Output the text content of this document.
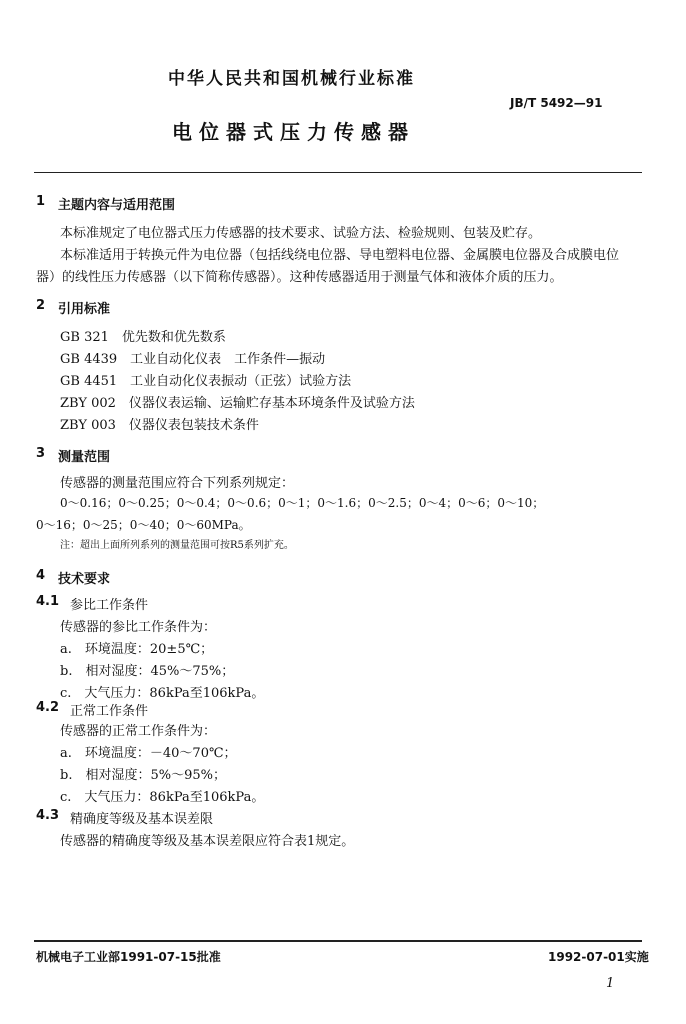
中华人民共和国机械行业标准
JB/T 5492—91
电位器式压力传感器
1 主题内容与适用范围
本标准规定了电位器式压力传感器的技术要求、试验方法、检验规则、包装及贮存。
本标准适用于转换元件为电位器（包括线绕电位器、导电塑料电位器、金属膜电位器及合成膜电位
器）的线性压力传感器（以下简称传感器）。这种传感器适用于测量气体和液体介质的压力。
2 引用标准
GB 321　优先数和优先数系
GB 4439　工业自动化仪表　工作条件—振动
GB 4451　工业自动化仪表振动（正弦）试验方法
ZBY 002　仪器仪表运输、运输贮存基本环境条件及试验方法
ZBY 003　仪器仪表包装技术条件
3 测量范围
传感器的测量范围应符合下列系列规定：
0～0.16；0～0.25；0～0.4；0～0.6；0～1；0～1.6；0～2.5；0～4；0～6；0～10；
0～16；0～25；0～40；0～60MPa。
注：超出上面所列系列的测量范围可按R5系列扩充。
4 技术要求
4.1 参比工作条件
传感器的参比工作条件为：
a.　环境温度：20±5℃；
b.　相对湿度：45%～75%；
c.　大气压力：86kPa至106kPa。
4.2 正常工作条件
传感器的正常工作条件为：
a.　环境温度：－40～70℃；
b.　相对湿度：5%～95%；
c.　大气压力：86kPa至106kPa。
4.3 精确度等级及基本误差限
传感器的精确度等级及基本误差限应符合表1规定。
机械电子工业部1991-07-15批准	1992-07-01实施
1
